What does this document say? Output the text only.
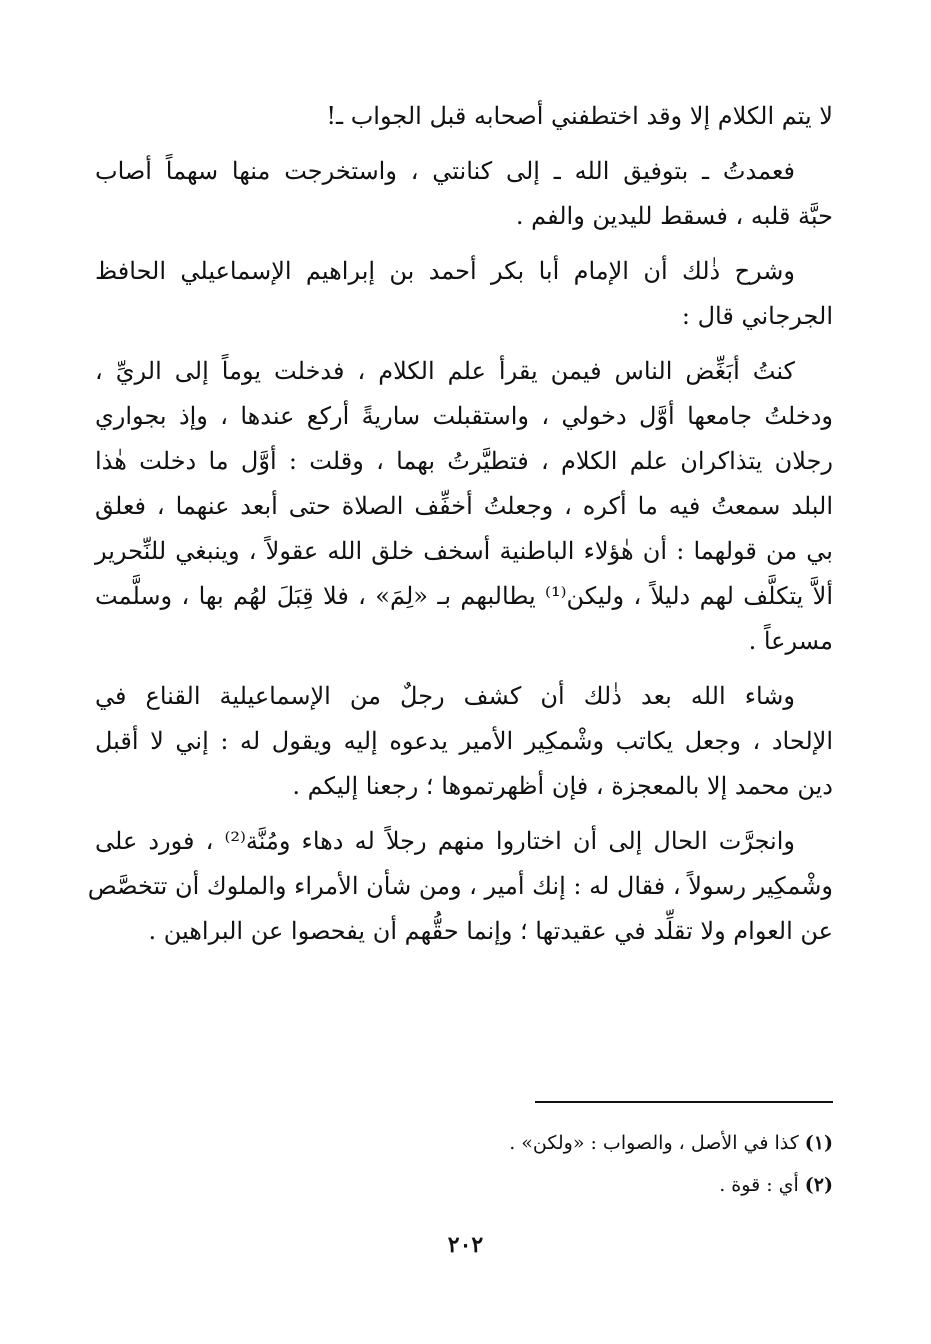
لا يتم الكلام إلا وقد اختطفني أصحابه قبل الجواب ـ!
فعمدتُ ـ بتوفيق الله ـ إلى كنانتي ، واستخرجت منها سهماً أصاب
حبَّة قلبه ، فسقط لليدين والفم .
وشرح ذٰلك أن الإمام أبا بكر أحمد بن إبراهيم الإسماعيلي الحافظ
الجرجاني قال :
كنتُ أبَغِّض الناس فيمن يقرأ علم الكلام ، فدخلت يوماً إلى الريِّ ،
ودخلتُ جامعها أوَّل دخولي ، واستقبلت ساريةً أركع عندها ، وإذ بجواري
رجلان يتذاكران علم الكلام ، فتطيَّرتُ بهما ، وقلت : أوَّل ما دخلت هٰذا
البلد سمعتُ فيه ما أكره ، وجعلتُ أخفِّف الصلاة حتى أبعد عنهما ، فعلق
بي من قولهما : أن هٰؤلاء الباطنية أسخف خلق الله عقولاً ، وينبغي للنِّحرير
ألاَّ يتكلَّف لهم دليلاً ، وليكن⁽¹⁾ يطالبهم بـ «لِمَ» ، فلا قِبَلَ لهُم بها ، وسلَّمت
مسرعاً .
وشاء الله بعد ذٰلك أن كشف رجلٌ من الإسماعيلية القناع في
الإلحاد ، وجعل يكاتب وشْمكِير الأمير يدعوه إليه ويقول له : إني لا أقبل
دين محمد إلا بالمعجزة ، فإن أظهرتموها ؛ رجعنا إليكم .
وانجرَّت الحال إلى أن اختاروا منهم رجلاً له دهاء ومُنَّة⁽²⁾ ، فورد على
وشْمكِير رسولاً ، فقال له : إنك أمير ، ومن شأن الأمراء والملوك أن تتخصَّص
عن العوام ولا تقلِّد في عقيدتها ؛ وإنما حقُّهم أن يفحصوا عن البراهين .
(١)كذا في الأصل ، والصواب : «ولكن» .
(٢)أي : قوة .
٢٠٢
